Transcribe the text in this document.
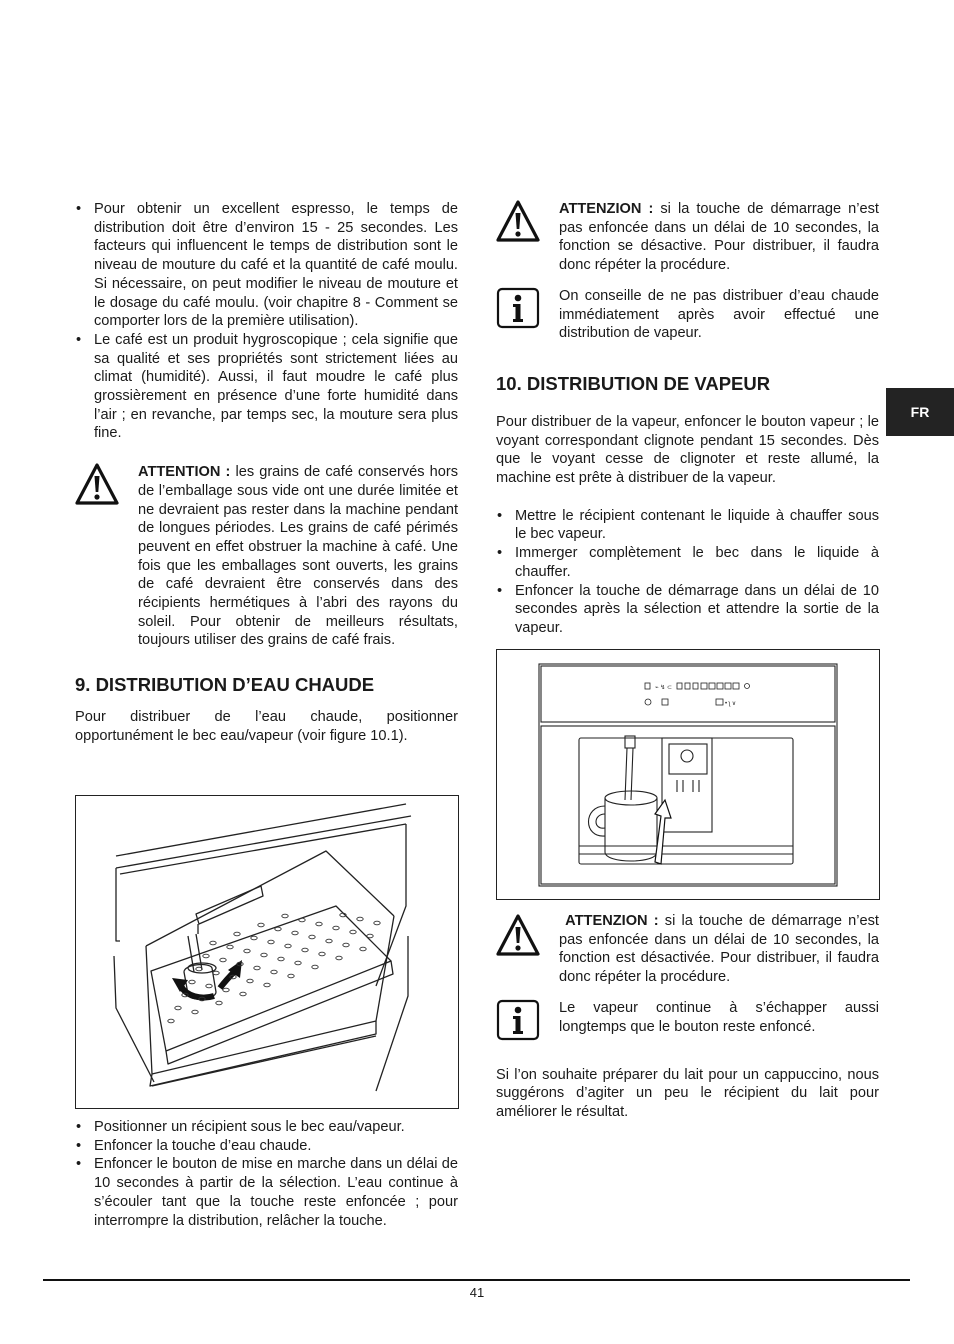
• Pour obtenir un excellent espresso, le temps de distribution doit être d’environ 15 - 25 secondes. Les facteurs qui influencent le temps de distribution sont le niveau de mouture du café et la quantité de café moulu. Si nécessaire, on peut modifier le niveau de mouture et le dosage du café moulu. (voir chapitre 8 - Comment se comporter lors de la première utilisation).
• Le café est un produit hygroscopique ; cela signifie que sa qualité et ses propriétés sont strictement liées au climat (humidité). Aussi, il faut moudre le café plus grossièrement en présence d’une forte humidité dans l’air ; en revanche, par temps sec, la mouture sera plus fine.
ATTENTION : les grains de café conservés hors de l’emballage sous vide ont une durée limitée et ne devraient pas rester dans la machine pendant de longues périodes. Les grains de café périmés peuvent en effet obstruer la machine à café. Une fois que les emballages sont ouverts, les grains de café devraient être conservés dans des récipients hermétiques à l’abri des rayons du soleil. Pour obtenir de meilleurs résultats, toujours utiliser des grains de café frais.
9. DISTRIBUTION D’EAU CHAUDE
Pour distribuer de l’eau chaude, positionner opportunément le bec eau/vapeur (voir figure 10.1).
• Positionner un récipient sous le bec eau/vapeur.
• Enfoncer la touche d’eau chaude.
• Enfoncer le bouton de mise en marche dans un délai de 10 secondes à partir de la sélection. L’eau continue à s’écouler tant que la touche reste enfoncée ; pour interrompre la distribution, relâcher la touche.
ATTENZION : si la touche de démarrage n’est pas enfoncée dans un délai de 10 secondes, la fonction se désactive. Pour distribuer, il faudra donc répéter la procédure.
On conseille de ne pas distribuer d’eau chaude immédiatement après avoir effectué une distribution de vapeur.
10. DISTRIBUTION DE VAPEUR
Pour distribuer de la vapeur, enfoncer le bouton vapeur ; le voyant correspondant clignote pendant 15 secondes. Dès que le voyant cesse de clignoter et reste allumé, la machine est prête à distribuer de la vapeur.
• Mettre le récipient contenant le liquide à chauffer sous le bec vapeur.
• Immerger complètement le bec dans le liquide à chauffer.
• Enfoncer la touche de démarrage dans un délai de 10 secondes après la sélection et attendre la sortie de la vapeur.
⌁ ↯ ⊂
• ʅ ∨
ATTENZION : si la touche de démarrage n’est pas enfoncée dans un délai de 10 secondes, la fonction est désactivée. Pour distribuer, il faudra donc répéter la procédure.
Le vapeur continue à s’échapper aussi longtemps que le bouton reste enfoncé.
Si l’on souhaite préparer du lait pour un cappuccino, nous suggérons d’agiter un peu le récipient du lait pour améliorer le résultat.
FR
41
